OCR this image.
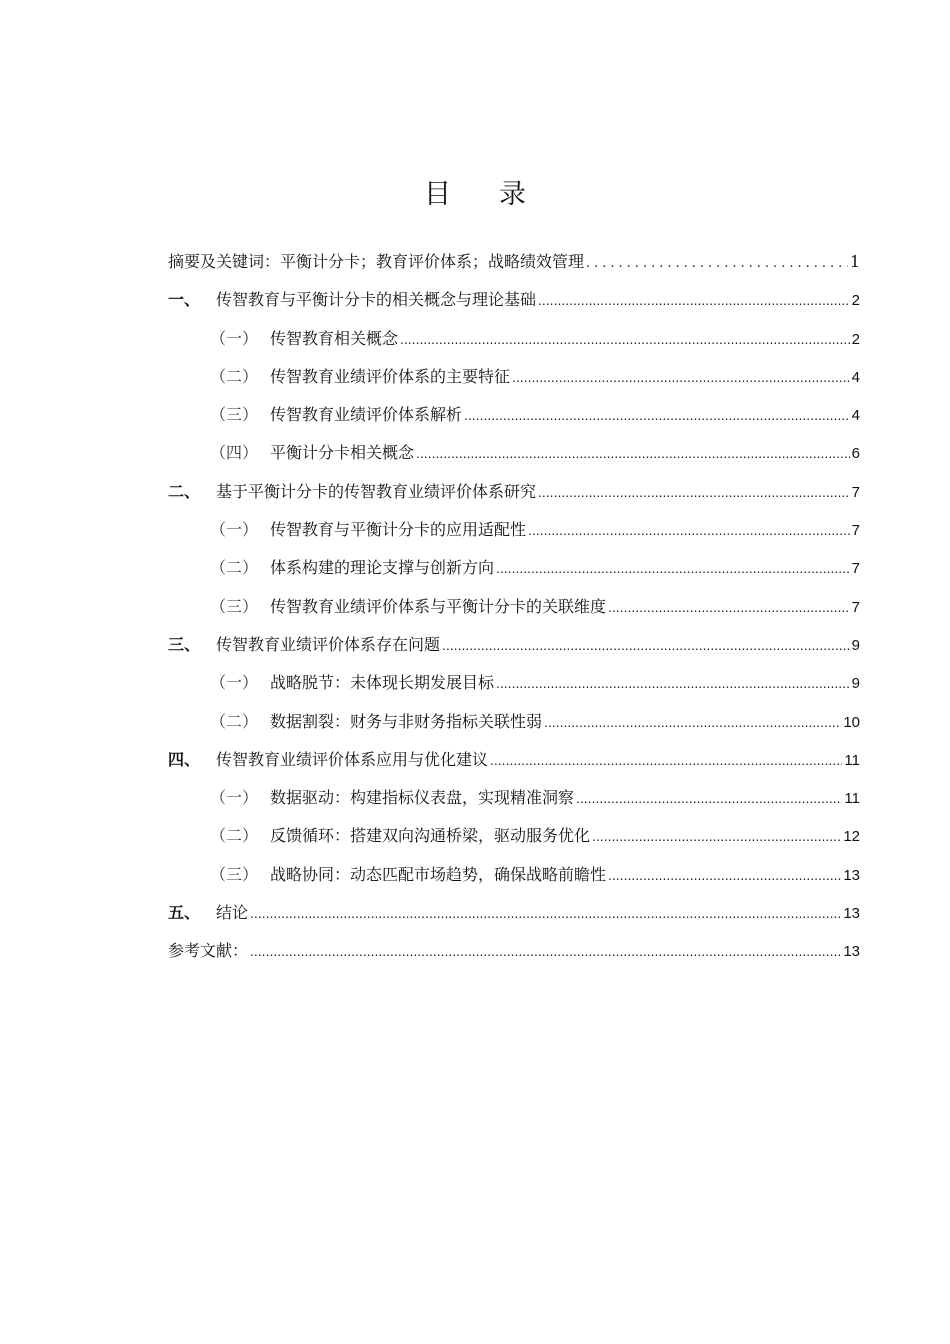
目 录
摘要及关键词：平衡计分卡；教育评价体系；战略绩效管理 .....	1
一、 传智教育与平衡计分卡的相关概念与理论基础 .....	2
（一） 传智教育相关概念 .....	2
（二） 传智教育业绩评价体系的主要特征 .....	4
（三） 传智教育业绩评价体系解析 .....	4
（四） 平衡计分卡相关概念 .....	6
二、 基于平衡计分卡的传智教育业绩评价体系研究 .....	7
（一） 传智教育与平衡计分卡的应用适配性 .....	7
（二） 体系构建的理论支撑与创新方向 .....	7
（三） 传智教育业绩评价体系与平衡计分卡的关联维度 .....	7
三、 传智教育业绩评价体系存在问题 .....	9
（一） 战略脱节：未体现长期发展目标 .....	9
（二） 数据割裂：财务与非财务指标关联性弱 .....	10
四、 传智教育业绩评价体系应用与优化建议 .....	11
（一） 数据驱动：构建指标仪表盘，实现精准洞察 .....	11
（二） 反馈循环：搭建双向沟通桥梁，驱动服务优化 .....	12
（三） 战略协同：动态匹配市场趋势，确保战略前瞻性 .....	13
五、 结论 .....	13
参考文献： .....	13
